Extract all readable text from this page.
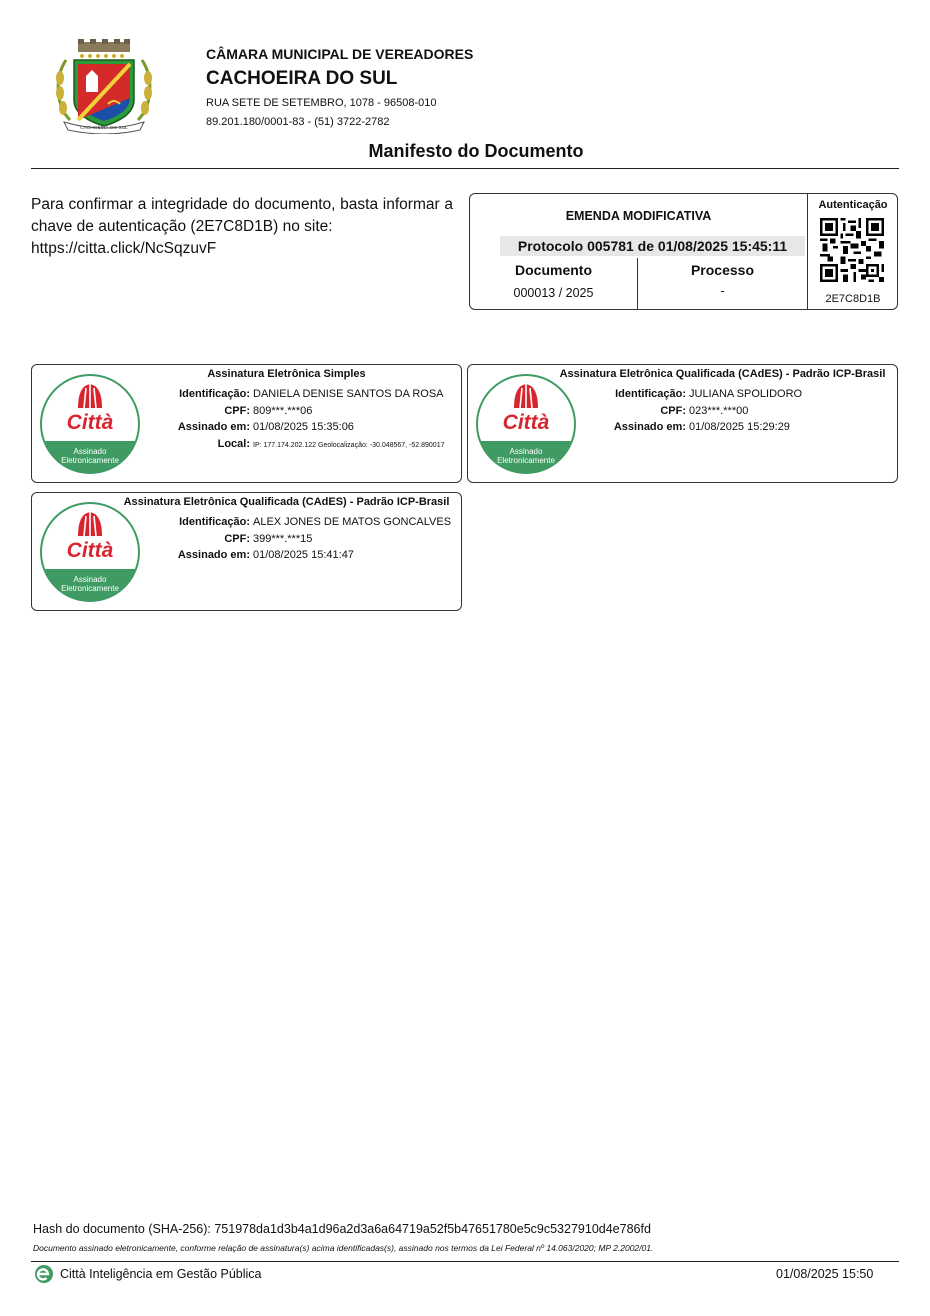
CACHOEIRA DO SUL
CÂMARA MUNICIPAL DE VEREADORES
CACHOEIRA DO SUL
RUA SETE DE SETEMBRO, 1078 - 96508-010
89.201.180/0001-83 - (51) 3722-2782
Manifesto do Documento

Para confirmar a integridade do documento, basta informar a chave de autenticação (2E7C8D1B) no site:

https://citta.click/NcSqzuvF

EMENDA MODIFICATIVA
Protocolo 005781 de 01/08/2025 15:45:11
Documento	Processo
000013 / 2025	-
Autenticação
2E7C8D1B
Assinatura Eletrônica Simples
Città
Assinado
Eletronicamente
Identificação: DANIELA DENISE SANTOS DA ROSA
CPF: 809***.***06
Assinado em: 01/08/2025 15:35:06
Local: IP: 177.174.202.122 Geolocalização: -30.048567, -52.890017
Assinatura Eletrônica Qualificada (CAdES) - Padrão ICP-Brasil
Città
Assinado
Eletronicamente
Identificação: JULIANA SPOLIDORO
CPF: 023***.***00
Assinado em: 01/08/2025 15:29:29
Assinatura Eletrônica Qualificada (CAdES) - Padrão ICP-Brasil
Città
Assinado
Eletronicamente
Identificação: ALEX JONES DE MATOS GONCALVES
CPF: 399***.***15
Assinado em: 01/08/2025 15:41:47
Hash do documento (SHA-256): 751978da1d3b4a1d96a2d3a6a64719a52f5b47651780e5c9c5327910d4e786fd
Documento assinado eletronicamente, conforme relação de assinatura(s) acima identificadas(s), assinado nos termos da Lei Federal nº 14.063/2020; MP 2.2002/01.
Città Inteligência em Gestão Pública	01/08/2025 15:50
